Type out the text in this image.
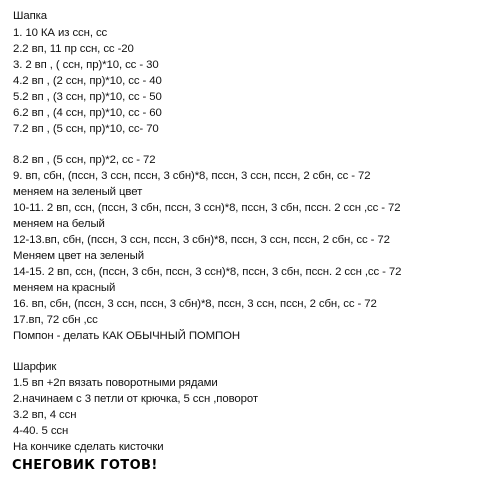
Шапка
1. 10 КА из ссн, сс
2.2 вп, 11 пр ссн, сс -20
3. 2 вп , ( ссн, пр)*10, сс - 30
4.2 вп , (2 ссн, пр)*10, сс - 40
5.2 вп , (3 ссн, пр)*10, сс - 50
6.2 вп , (4 ссн, пр)*10, сс - 60
7.2 вп , (5 ссн, пр)*10, сс- 70
8.2 вп , (5 ссн, пр)*2, сс - 72
9. вп, сбн, (пссн, 3 ссн, пссн, 3 сбн)*8, пссн, 3 ссн, пссн, 2 сбн, сс - 72
меняем на зеленый цвет
10-11. 2 вп, ссн, (пссн, 3 сбн, пссн, 3 ссн)*8, пссн, 3 сбн, пссн. 2 ссн ,сс - 72
меняем на белый
12-13.вп, сбн, (пссн, 3 ссн, пссн, 3 сбн)*8, пссн, 3 ссн, пссн, 2 сбн, сс - 72
Меняем цвет на зеленый
14-15. 2 вп, ссн, (пссн, 3 сбн, пссн, 3 ссн)*8, пссн, 3 сбн, пссн. 2 ссн ,сс - 72
меняем на красный
16. вп, сбн, (пссн, 3 ссн, пссн, 3 сбн)*8, пссн, 3 ссн, пссн, 2 сбн, сс - 72
17.вп, 72 сбн ,сс
Помпон - делать КАК ОБЫЧНЫЙ ПОМПОН
Шарфик
1.5 вп +2п вязать поворотными рядами
2.начинаем с 3 петли от крючка, 5 ссн ,поворот
3.2 вп, 4 ссн
4-40. 5 ссн
На кончике сделать кисточки
СНЕГОВИК ГОТОВ!
